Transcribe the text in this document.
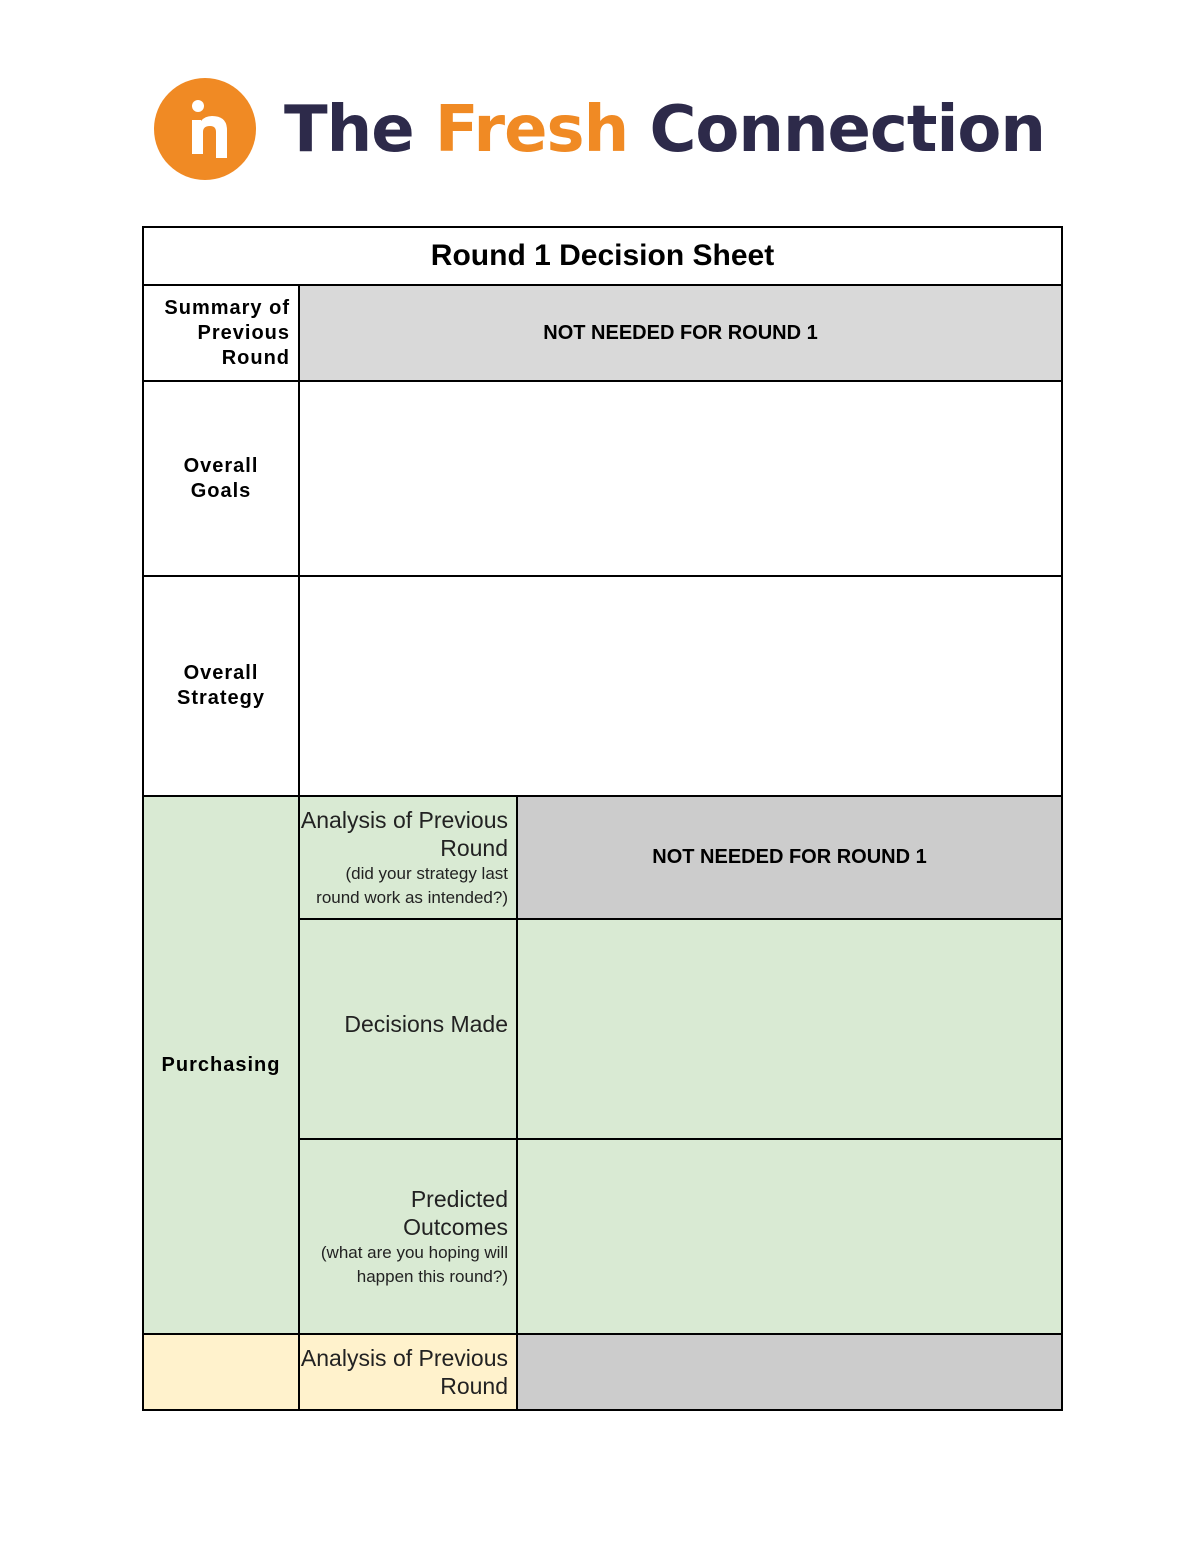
The Fresh Connection
Round 1 Decision Sheet
Summary of Previous Round
NOT NEEDED FOR ROUND 1
Overall Goals
Overall Strategy
Purchasing
Analysis of Previous Round
(did your strategy last round work as intended?)
NOT NEEDED FOR ROUND 1
Decisions Made
Predicted Outcomes
(what are you hoping will happen this round?)
Analysis of Previous Round
